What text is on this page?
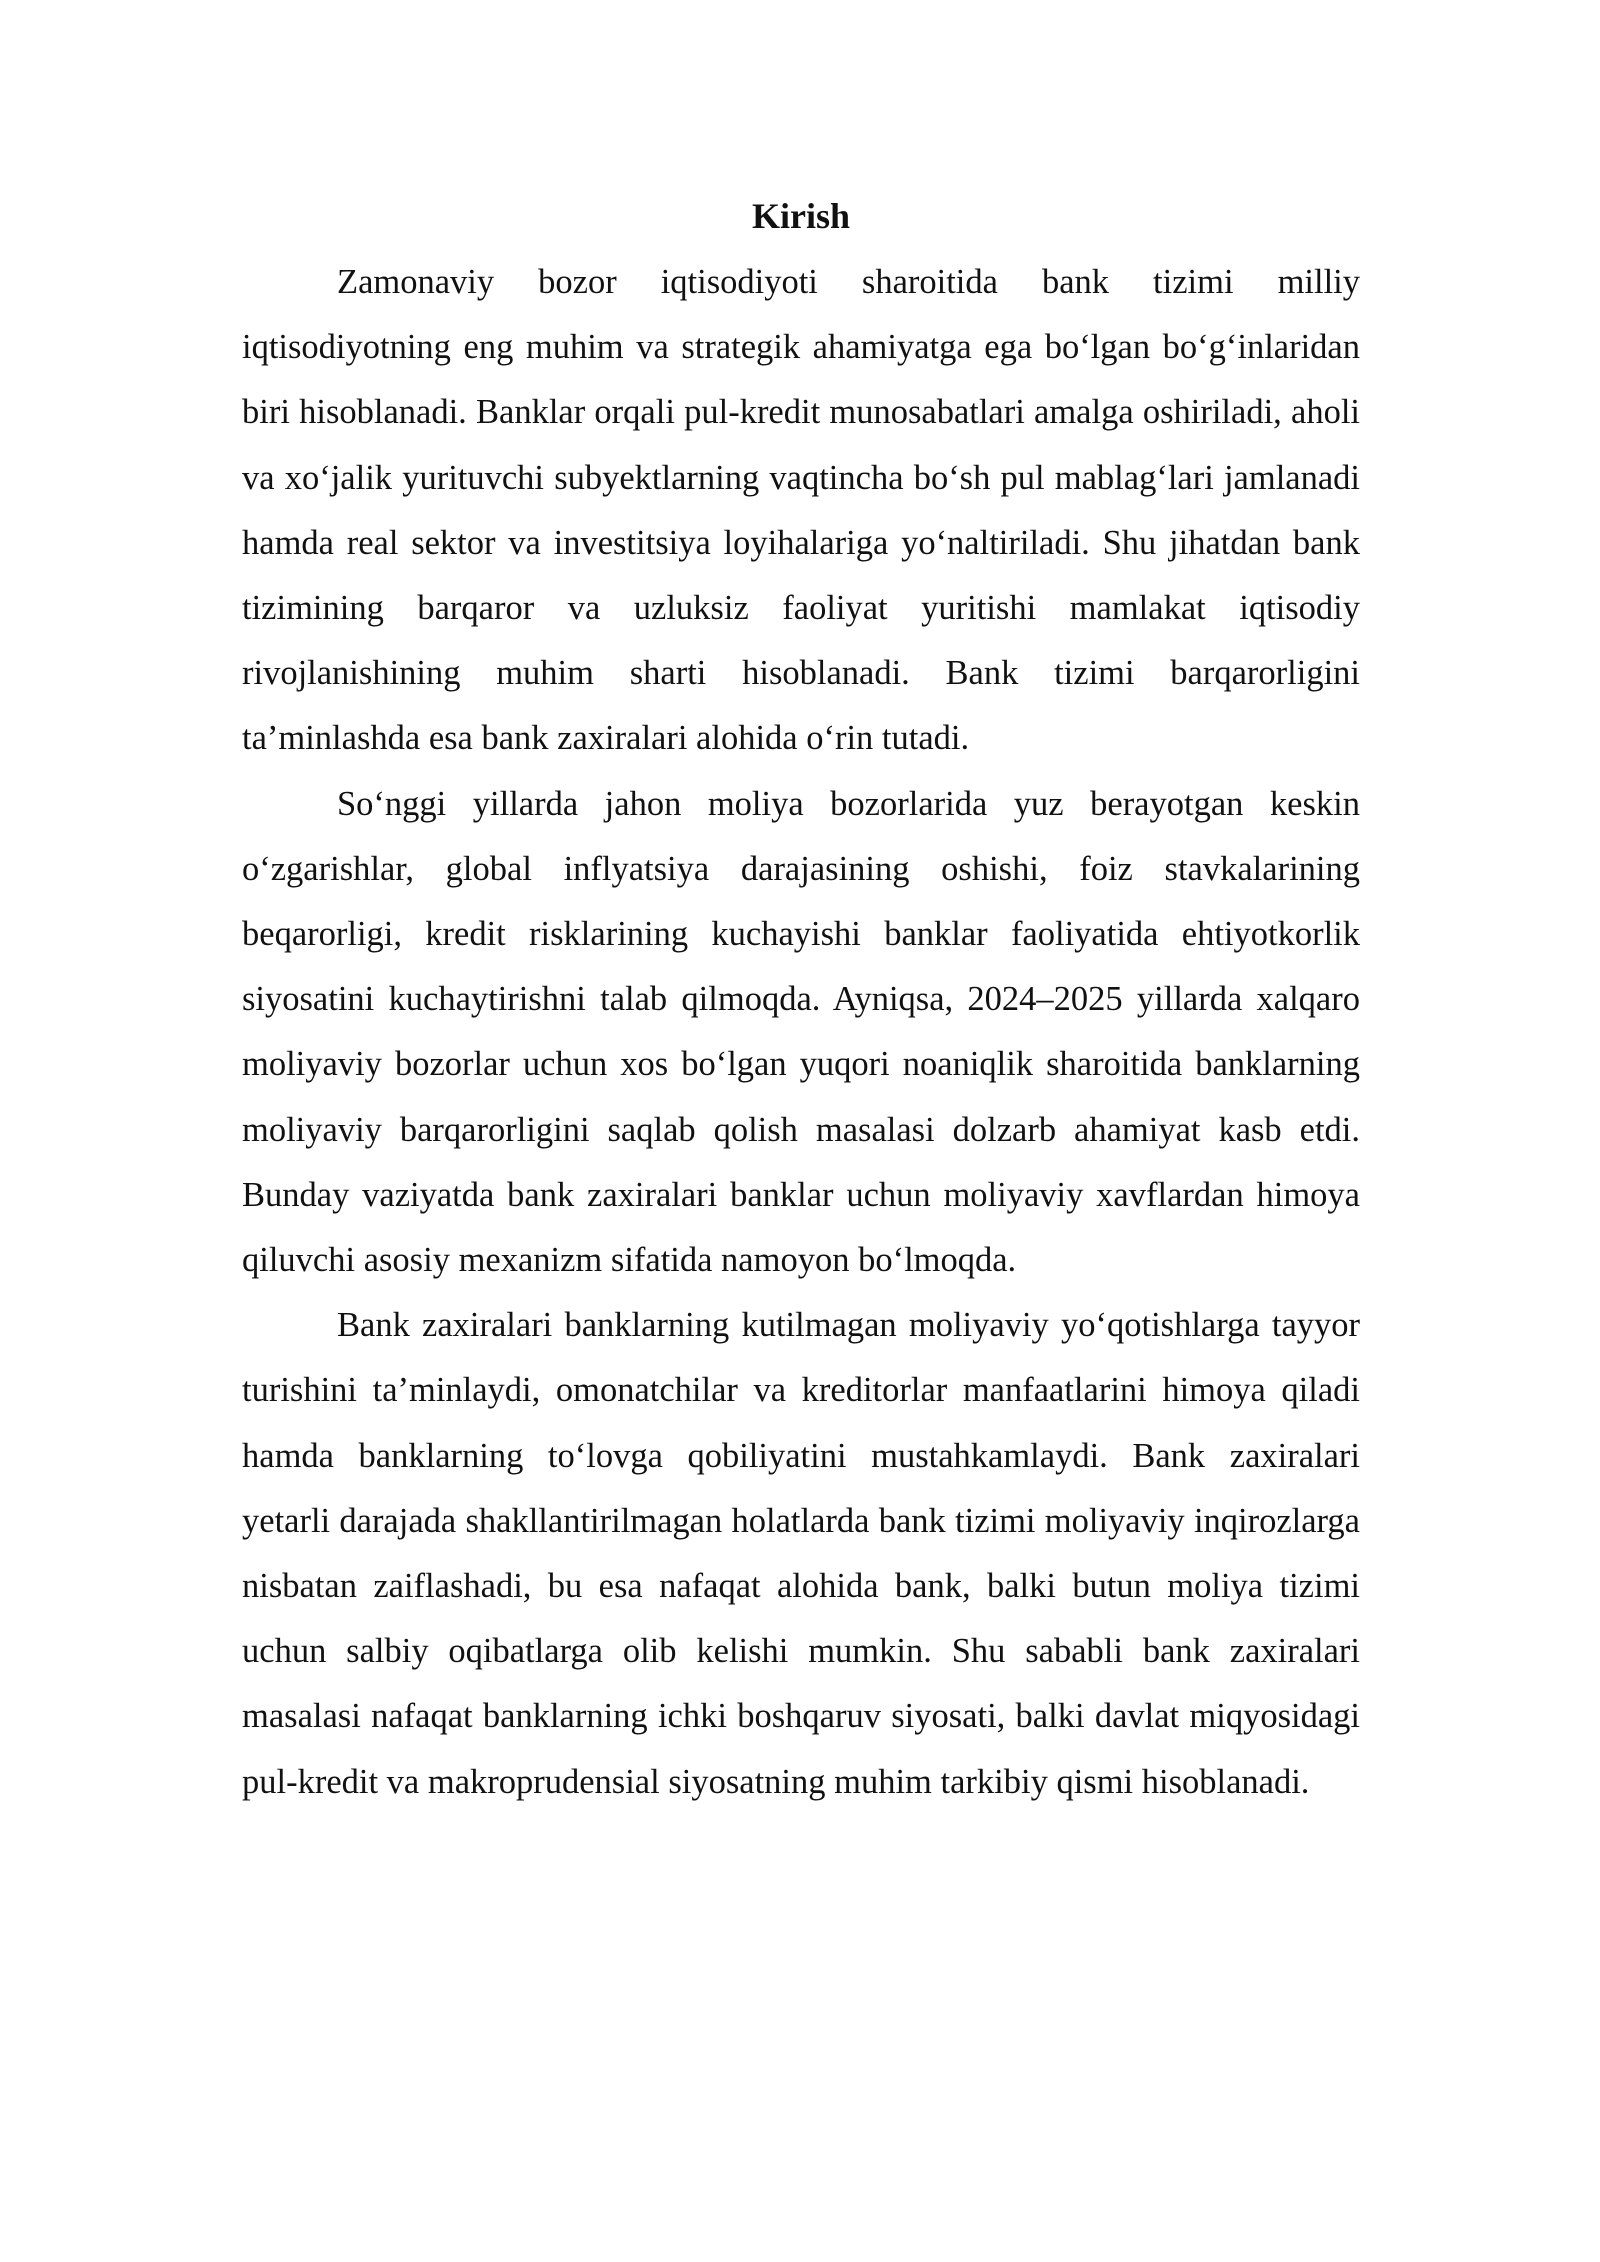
Kirish

Zamonaviy bozor iqtisodiyoti sharoitida bank tizimi milliy iqtisodiyotning eng muhim va strategik ahamiyatga ega bo‘lgan bo‘g‘inlaridan biri hisoblanadi. Banklar orqali pul-kredit munosabatlari amalga oshiriladi, aholi va xo‘jalik yurituvchi subyektlarning vaqtincha bo‘sh pul mablag‘lari jamlanadi hamda real sektor va investitsiya loyihalariga yo‘naltiriladi. Shu jihatdan bank tizimining barqaror va uzluksiz faoliyat yuritishi mamlakat iqtisodiy rivojlanishining muhim sharti hisoblanadi. Bank tizimi barqarorligini ta’minlashda esa bank zaxiralari alohida o‘rin tutadi.

So‘nggi yillarda jahon moliya bozorlarida yuz berayotgan keskin o‘zgarishlar, global inflyatsiya darajasining oshishi, foiz stavkalarining beqarorligi, kredit risklarining kuchayishi banklar faoliyatida ehtiyotkorlik siyosatini kuchaytirishni talab qilmoqda. Ayniqsa, 2024–2025 yillarda xalqaro moliyaviy bozorlar uchun xos bo‘lgan yuqori noaniqlik sharoitida banklarning moliyaviy barqarorligini saqlab qolish masalasi dolzarb ahamiyat kasb etdi. Bunday vaziyatda bank zaxiralari banklar uchun moliyaviy xavflardan himoya qiluvchi asosiy mexanizm sifatida namoyon bo‘lmoqda.

Bank zaxiralari banklarning kutilmagan moliyaviy yo‘qotishlarga tayyor turishini ta’minlaydi, omonatchilar va kreditorlar manfaatlarini himoya qiladi hamda banklarning to‘lovga qobiliyatini mustahkamlaydi. Bank zaxiralari yetarli darajada shakllantirilmagan holatlarda bank tizimi moliyaviy inqirozlarga nisbatan zaiflashadi, bu esa nafaqat alohida bank, balki butun moliya tizimi uchun salbiy oqibatlarga olib kelishi mumkin. Shu sababli bank zaxiralari masalasi nafaqat banklarning ichki boshqaruv siyosati, balki davlat miqyosidagi pul-kredit va makroprudensial siyosatning muhim tarkibiy qismi hisoblanadi.
